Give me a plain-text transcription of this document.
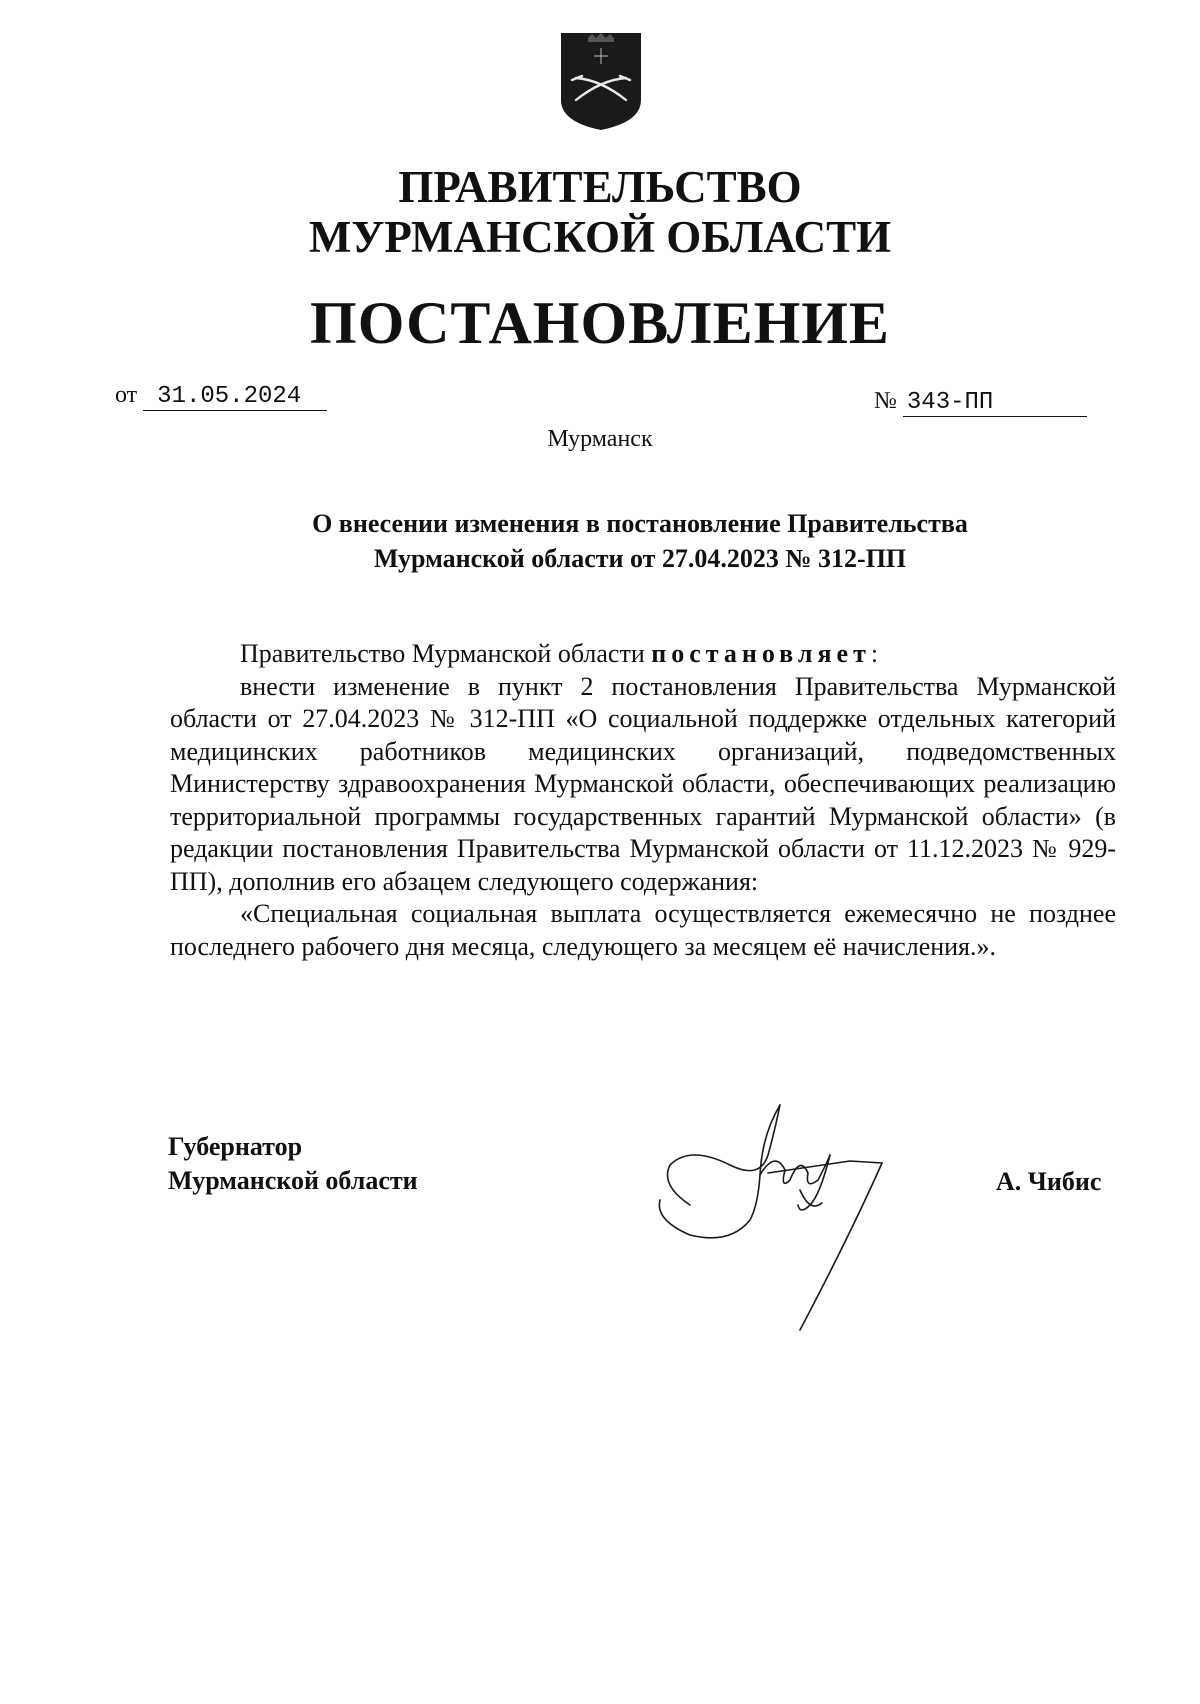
ПРАВИТЕЛЬСТВО
МУРМАНСКОЙ ОБЛАСТИ
ПОСТАНОВЛЕНИЕ
от 31.05.2024	№ 343-ПП
Мурманск
О внесении изменения в постановление Правительства
Мурманской области от 27.04.2023 № 312-ПП

Правительство Мурманской области постановляет:

внести изменение в пункт 2 постановления Правительства Мурманской области от 27.04.2023 № 312-ПП «О социальной поддержке отдельных категорий медицинских работников медицинских организаций, подведомственных Министерству здравоохранения Мурманской области, обеспечивающих реализацию территориальной программы государственных гарантий Мурманской области» (в редакции постановления Правительства Мурманской области от 11.12.2023 № 929-ПП), дополнив его абзацем следующего содержания:

«Специальная социальная выплата осуществляется ежемесячно не позднее последнего рабочего дня месяца, следующего за месяцем её начисления.».

Губернатор
Мурманской области	А. Чибис
